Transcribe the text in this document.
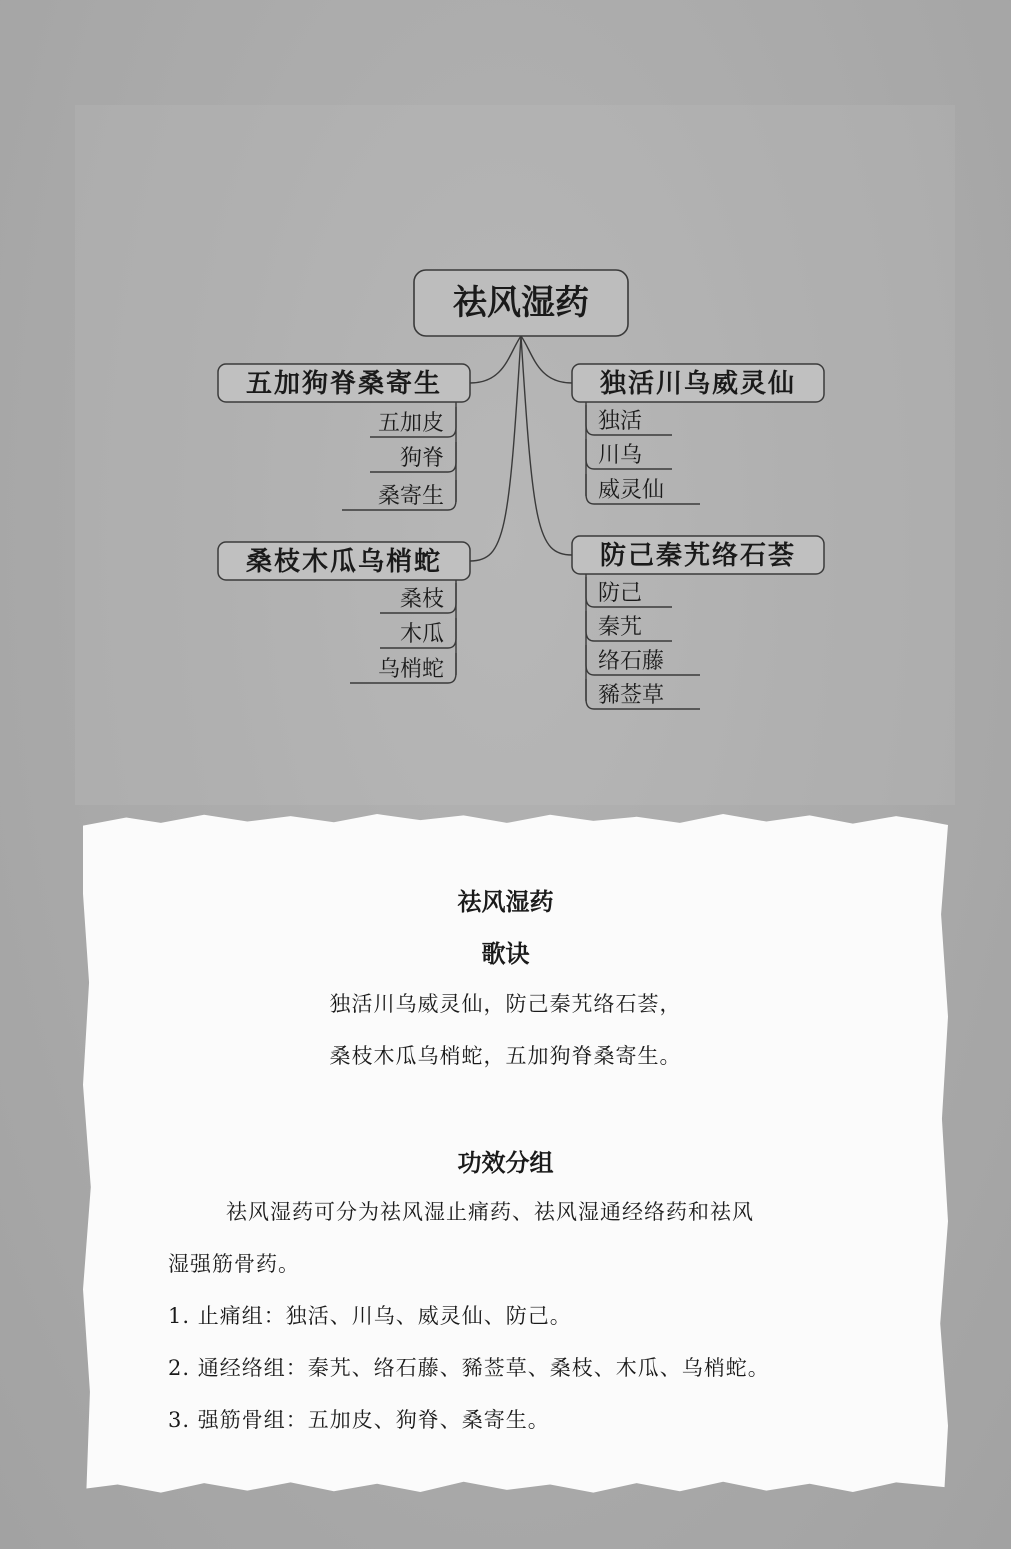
祛风湿药
五加狗脊桑寄生
五加皮
狗脊
桑寄生
桑枝木瓜乌梢蛇
桑枝
木瓜
乌梢蛇
独活川乌威灵仙
独活
川乌
威灵仙
防己秦艽络石荟
防己
秦艽
络石藤
豨莶草
祛风湿药
歌诀
独活川乌威灵仙，防己秦艽络石荟，
桑枝木瓜乌梢蛇，五加狗脊桑寄生。
功效分组
祛风湿药可分为祛风湿止痛药、祛风湿通经络药和祛风
湿强筋骨药。
1. 止痛组：独活、川乌、威灵仙、防己。
2. 通经络组：秦艽、络石藤、豨莶草、桑枝、木瓜、乌梢蛇。
3. 强筋骨组：五加皮、狗脊、桑寄生。
